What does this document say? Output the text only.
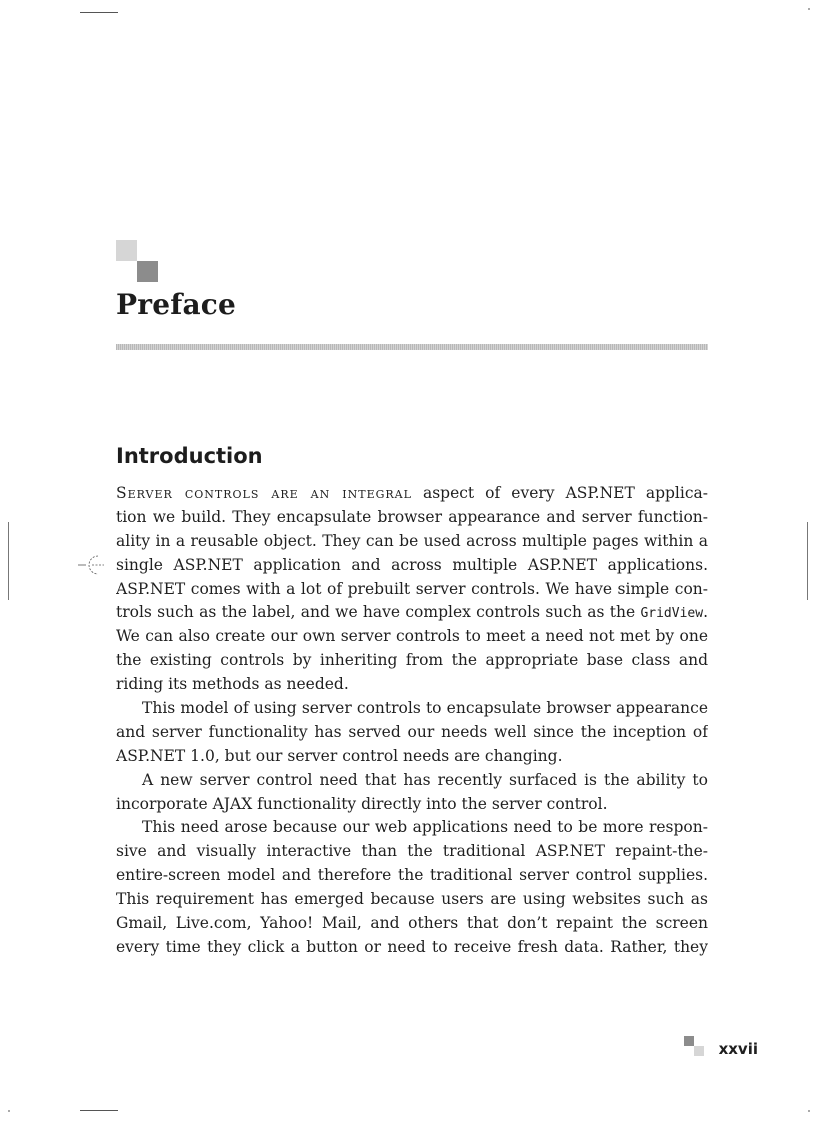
Preface
Introduction
Server controls are an integral aspect of every ASP.NET applica-
tion we build. They encapsulate browser appearance and server function-
ality in a reusable object. They can be used across multiple pages within a
single ASP.NET application and across multiple ASP.NET applications.
ASP.NET comes with a lot of prebuilt server controls. We have simple con-
trols such as the label, and we have complex controls such as the GridView.
We can also create our own server controls to meet a need not met by one
the existing controls by inheriting from the appropriate base class and
riding its methods as needed.
This model of using server controls to encapsulate browser appearance
and server functionality has served our needs well since the inception of
ASP.NET 1.0, but our server control needs are changing.
A new server control need that has recently surfaced is the ability to
incorporate AJAX functionality directly into the server control.
This need arose because our web applications need to be more respon-
sive and visually interactive than the traditional ASP.NET repaint-the-
entire-screen model and therefore the traditional server control supplies.
This requirement has emerged because users are using websites such as
Gmail, Live.com, Yahoo! Mail, and others that don’t repaint the screen
every time they click a button or need to receive fresh data. Rather, they
xxvii
